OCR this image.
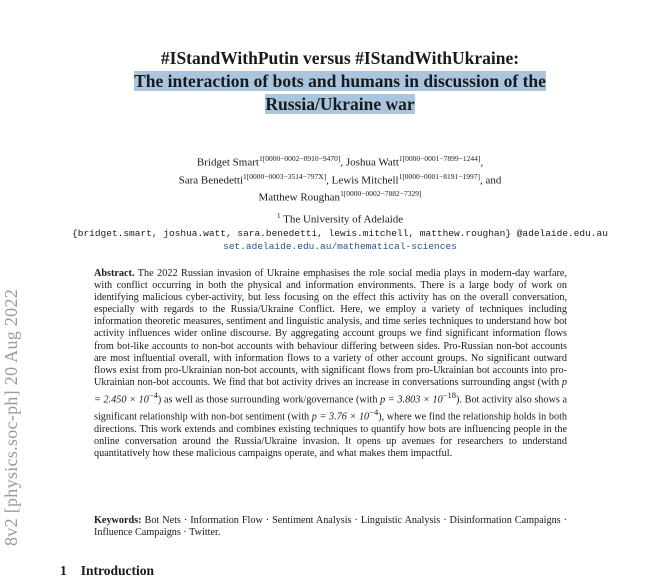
8v2 [physics.soc-ph] 20 Aug 2022
#IStandWithPutin versus #IStandWithUkraine:
The interaction of bots and humans in discussion of the
Russia/Ukraine war
Bridget Smart$^{1[0000-0002-0910-9470]}$, Joshua Watt$^{1[0000-0001-7899-1244]}$,
Sara Benedetti$^{1[0000-0003-3514-797X]}$, Lewis Mitchell$^{1[0000-0001-8191-1997]}$, and
Matthew Roughan$^{1[0000-0002-7882-7329]}$
$^1$ The University of Adelaide
{bridget.smart, joshua.watt, sara.benedetti, lewis.mitchell, matthew.roughan} @adelaide.edu.au
set.adelaide.edu.au/mathematical-sciences
Abstract. The 2022 Russian invasion of Ukraine emphasises the role social media plays in modern-day warfare, with conflict occurring in both the physical and information environments. There is a large body of work on identifying malicious cyber-activity, but less focusing on the effect this activity has on the overall conversation, especially with regards to the Russia/Ukraine Conflict. Here, we employ a variety of techniques including information theoretic measures, sentiment and linguistic analysis, and time series techniques to understand how bot activity influences wider online discourse. By aggregating account groups we find significant information flows from bot-like accounts to non-bot accounts with behaviour differing between sides. Pro-Russian non-bot accounts are most influential overall, with information flows to a variety of other account groups. No significant outward flows exist from pro-Ukrainian non-bot accounts, with significant flows from pro-Ukrainian bot accounts into pro-Ukrainian non-bot accounts. We find that bot activity drives an increase in conversations surrounding angst (with $p = 2.450 \times 10^{-4}$) as well as those surrounding work/governance (with $p = 3.803 \times 10^{-18}$). Bot activity also shows a significant relationship with non-bot sentiment (with $p = 3.76 \times 10^{-4}$), where we find the relationship holds in both directions. This work extends and combines existing techniques to quantify how bots are influencing people in the online conversation around the Russia/Ukraine invasion. It opens up avenues for researchers to understand quantitatively how these malicious campaigns operate, and what makes them impactful.
Keywords: Bot Nets · Information Flow · Sentiment Analysis · Linguistic Analysis · Disinformation Campaigns · Influence Campaigns · Twitter.
1 Introduction
